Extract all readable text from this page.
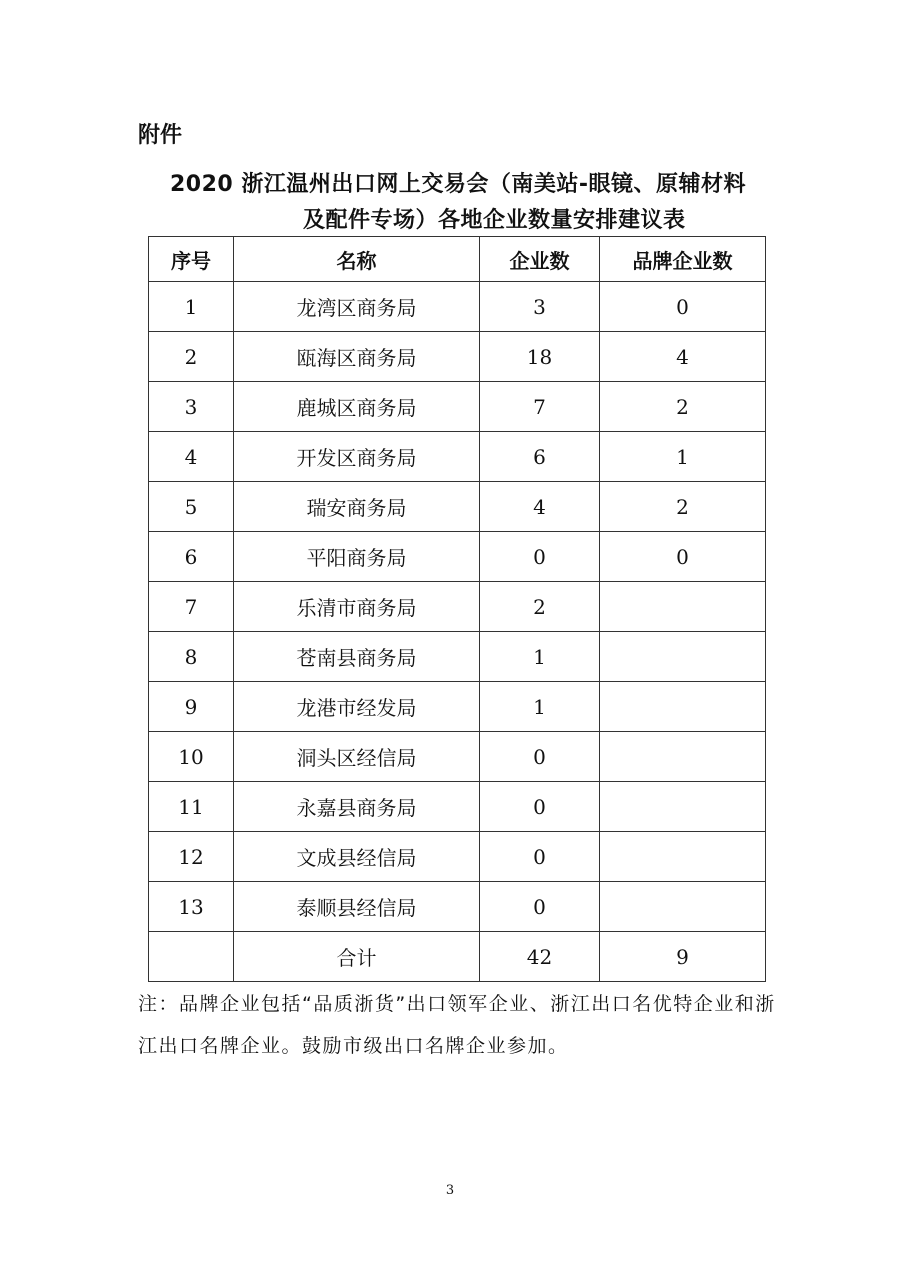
附件
2020 浙江温州出口网上交易会（南美站-眼镜、原辅材料
及配件专场）各地企业数量安排建议表
序号	名称	企业数	品牌企业数
1	龙湾区商务局	3	0
2	瓯海区商务局	18	4
3	鹿城区商务局	7	2
4	开发区商务局	6	1
5	瑞安商务局	4	2
6	平阳商务局	0	0
7	乐清市商务局	2	
8	苍南县商务局	1	
9	龙港市经发局	1	
10	洞头区经信局	0	
11	永嘉县商务局	0	
12	文成县经信局	0	
13	泰顺县经信局	0	
	合计	42	9
注：品牌企业包括“品质浙货”出口领军企业、浙江出口名优特企业和浙江出口名牌企业。鼓励市级出口名牌企业参加。
3
